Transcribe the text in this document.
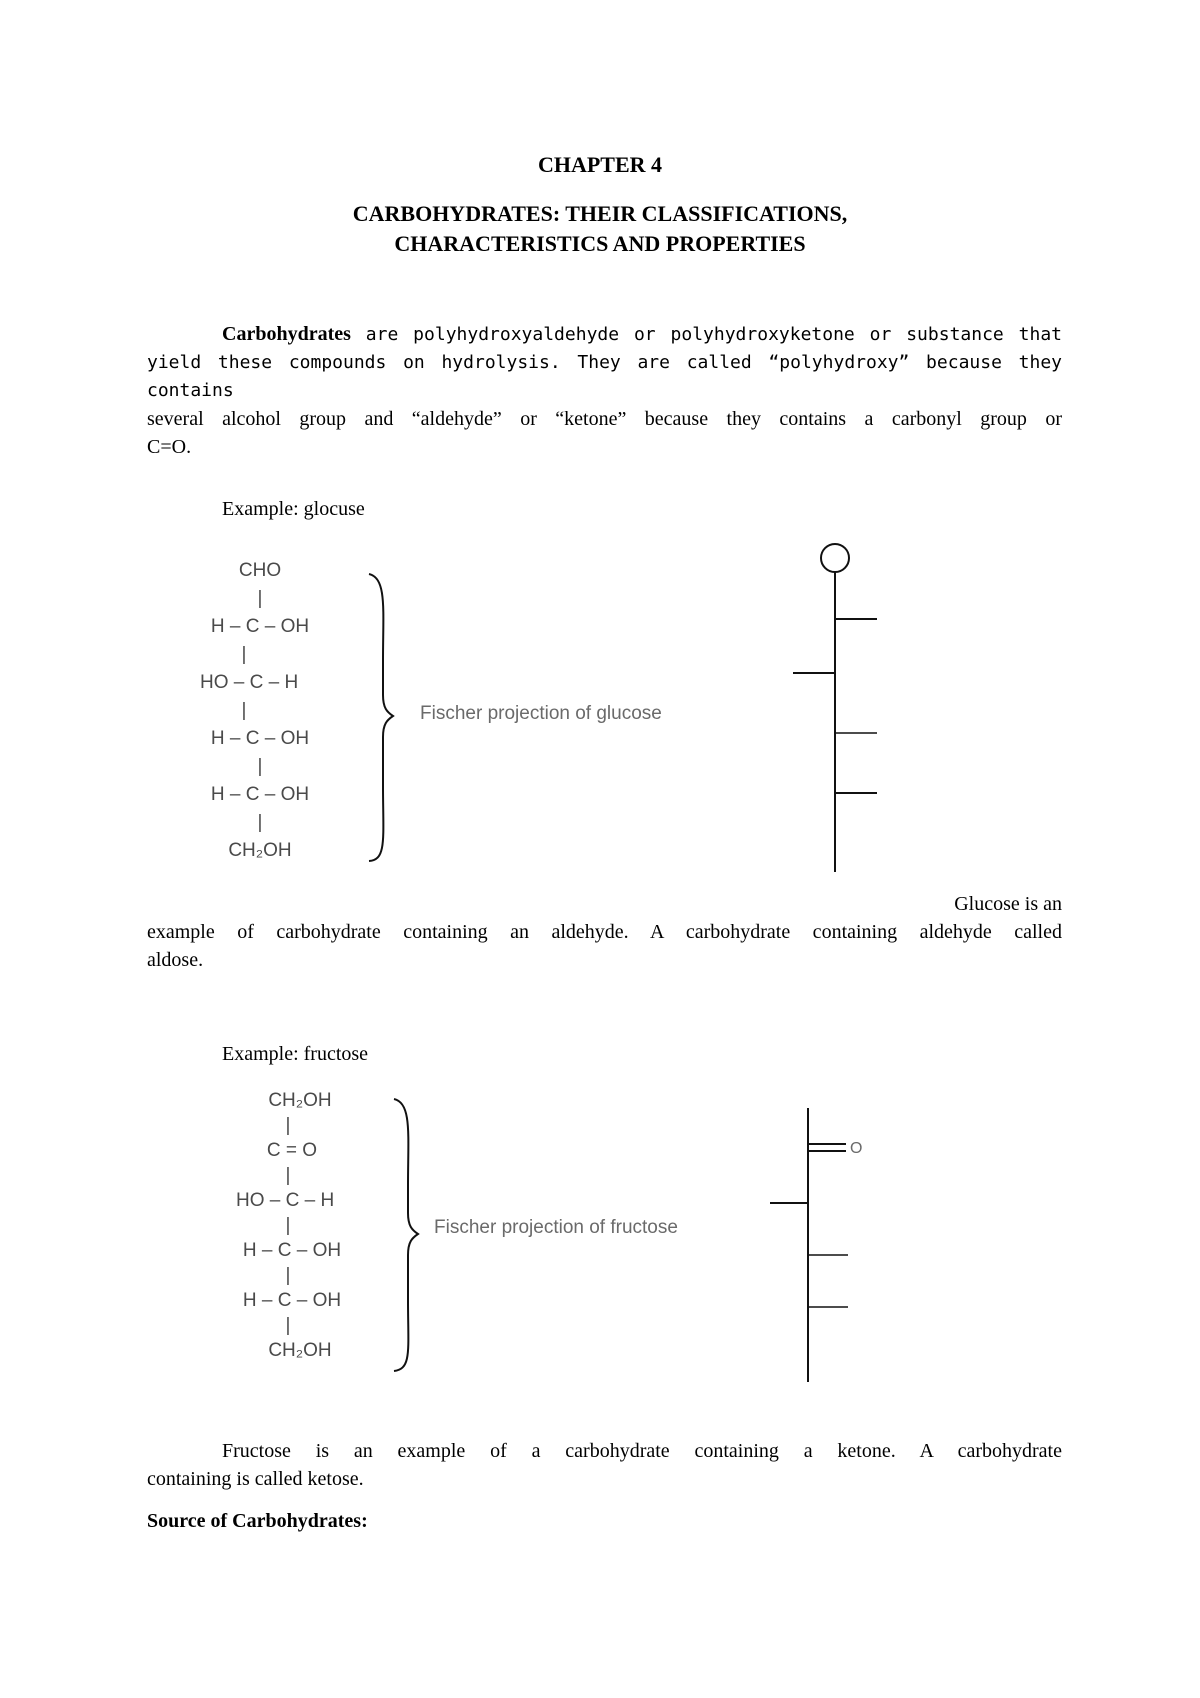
CHAPTER 4
CARBOHYDRATES: THEIR CLASSIFICATIONS,
CHARACTERISTICS AND PROPERTIES
Carbohydrates are polyhydroxyaldehyde or polyhydroxyketone or substance that
yield these compounds on hydrolysis. They are called “polyhydroxy” because they contains
several alcohol group and “aldehyde” or “ketone” because they contains a carbonyl group or
C=O.
Example: glocuse
CHO
|
H – C – OH
|
HO – C – H
|
H – C – OH
|
H – C – OH
|
CH₂OH
Fischer projection of glucose
Glucose is an
example of carbohydrate containing an aldehyde. A carbohydrate containing aldehyde called
aldose.
Example: fructose
CH₂OH
|
C = O
|
HO – C – H
|
H – C – OH
|
H – C – OH
|
CH₂OH
Fischer projection of fructose
O
Fructose is an example of a carbohydrate containing a ketone. A carbohydrate
containing is called ketose.
Source of Carbohydrates:
